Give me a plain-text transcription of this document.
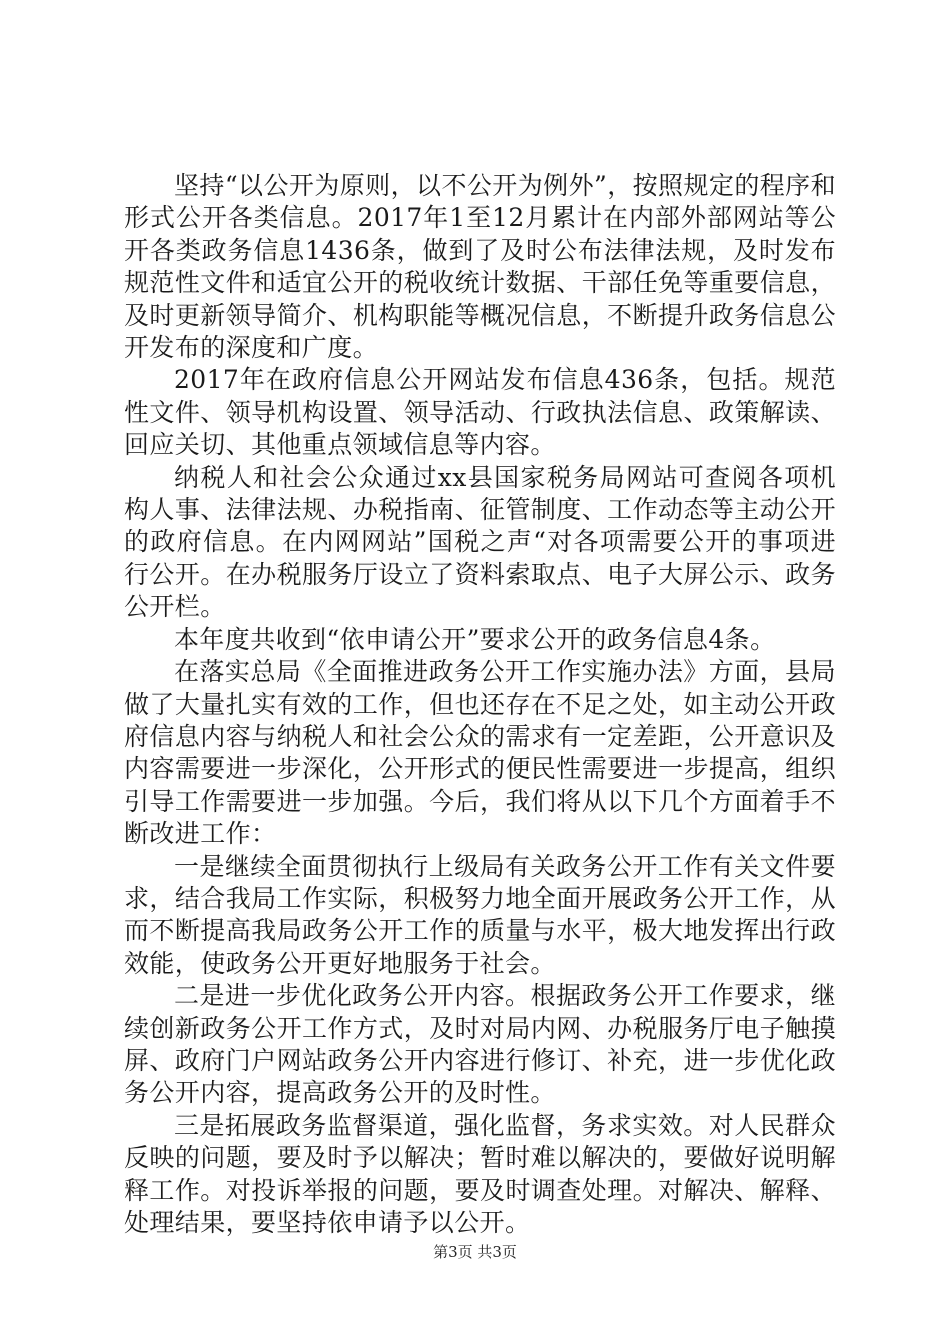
坚持“以公开为原则，以不公开为例外”，按照规定的程序和形式公开各类信息。2017年1至12月累计在内部外部网站等公开各类政务信息1436条，做到了及时公布法律法规，及时发布规范性文件和适宜公开的税收统计数据、干部任免等重要信息，及时更新领导简介、机构职能等概况信息，不断提升政务信息公开发布的深度和广度。

2017年在政府信息公开网站发布信息436条，包括。规范性文件、领导机构设置、领导活动、行政执法信息、政策解读、回应关切、其他重点领域信息等内容。

纳税人和社会公众通过xx县国家税务局网站可查阅各项机构人事、法律法规、办税指南、征管制度、工作动态等主动公开的政府信息。在内网网站”国税之声“对各项需要公开的事项进行公开。在办税服务厅设立了资料索取点、电子大屏公示、政务公开栏。

本年度共收到“依申请公开”要求公开的政务信息4条。

在落实总局《全面推进政务公开工作实施办法》方面，县局做了大量扎实有效的工作，但也还存在不足之处，如主动公开政府信息内容与纳税人和社会公众的需求有一定差距，公开意识及内容需要进一步深化，公开形式的便民性需要进一步提高，组织引导工作需要进一步加强。今后，我们将从以下几个方面着手不断改进工作：

一是继续全面贯彻执行上级局有关政务公开工作有关文件要求，结合我局工作实际，积极努力地全面开展政务公开工作，从而不断提高我局政务公开工作的质量与水平，极大地发挥出行政效能，使政务公开更好地服务于社会。

二是进一步优化政务公开内容。根据政务公开工作要求，继续创新政务公开工作方式，及时对局内网、办税服务厅电子触摸屏、政府门户网站政务公开内容进行修订、补充，进一步优化政务公开内容，提高政务公开的及时性。

三是拓展政务监督渠道，强化监督，务求实效。对人民群众反映的问题，要及时予以解决；暂时难以解决的，要做好说明解释工作。对投诉举报的问题，要及时调查处理。对解决、解释、处理结果，要坚持依申请予以公开。

第3页 共3页
